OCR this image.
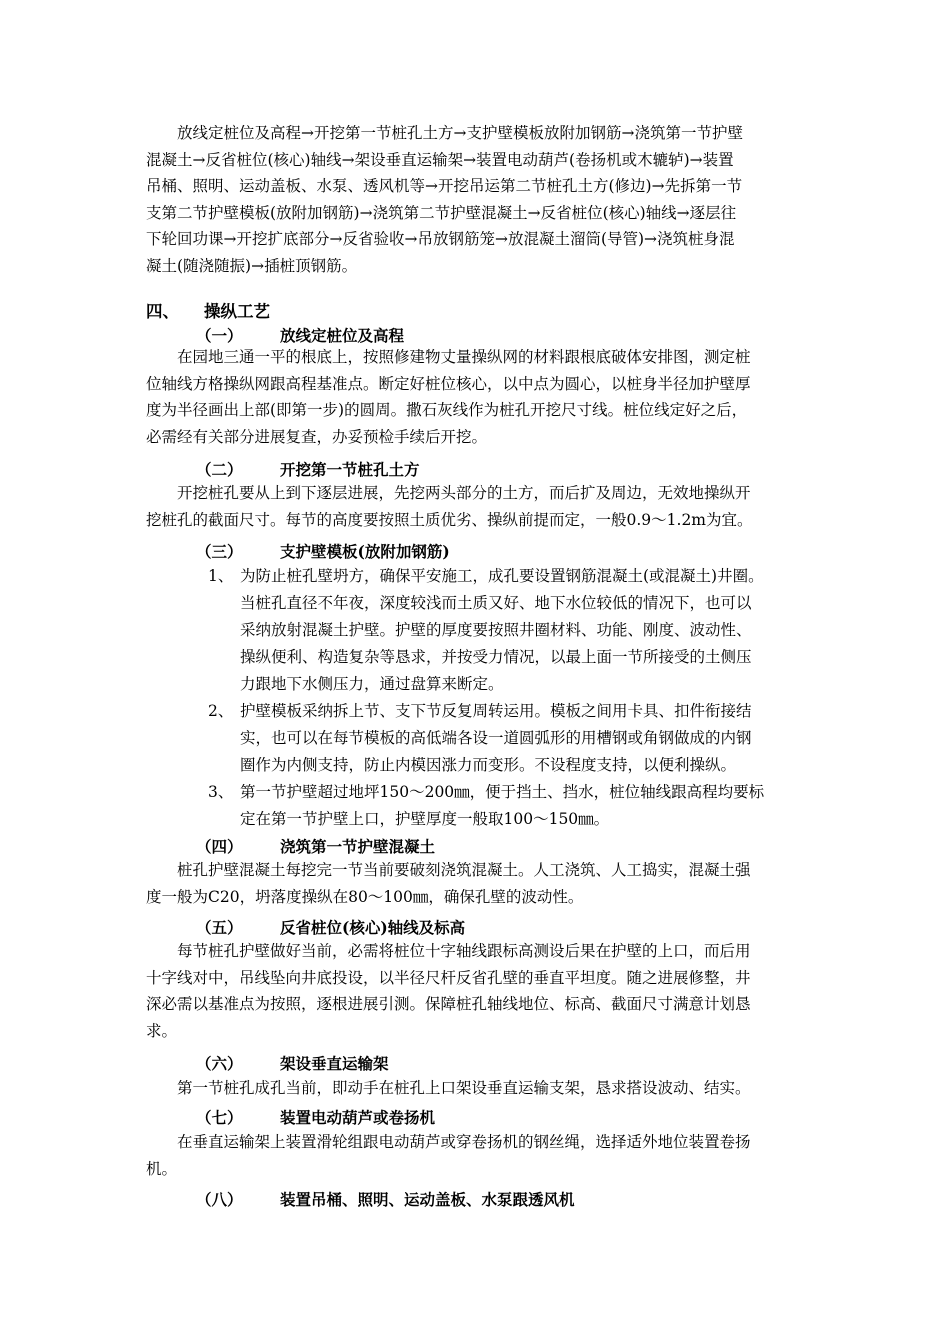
　　放线定桩位及高程→开挖第一节桩孔土方→支护壁模板放附加钢筋→浇筑第一节护壁
混凝土→反省桩位(核心)轴线→架设垂直运输架→装置电动葫芦(卷扬机或木辘轳)→装置
吊桶、照明、运动盖板、水泵、透风机等→开挖吊运第二节桩孔土方(修边)→先拆第一节
支第二节护壁模板(放附加钢筋)→浇筑第二节护壁混凝土→反省桩位(核心)轴线→逐层往
下轮回功课→开挖扩底部分→反省验收→吊放钢筋笼→放混凝土溜筒(导管)→浇筑桩身混
凝土(随浇随振)→插桩顶钢筋。
四、 操纵工艺
（一） 放线定桩位及高程
　　在园地三通一平的根底上，按照修建物丈量操纵网的材料跟根底破体安排图，测定桩
位轴线方格操纵网跟高程基准点。断定好桩位核心，以中点为圆心，以桩身半径加护壁厚
度为半径画出上部(即第一步)的圆周。撒石灰线作为桩孔开挖尺寸线。桩位线定好之后，
必需经有关部分进展复查，办妥预检手续后开挖。
（二） 开挖第一节桩孔土方
　　开挖桩孔要从上到下逐层进展，先挖两头部分的土方，而后扩及周边，无效地操纵开
挖桩孔的截面尺寸。每节的高度要按照土质优劣、操纵前提而定，一般0.9～1.2m为宜。
（三） 支护壁模板(放附加钢筋)
1、 为防止桩孔壁坍方，确保平安施工，成孔要设置钢筋混凝土(或混凝土)井圈。
当桩孔直径不年夜，深度较浅而土质又好、地下水位较低的情况下，也可以
采纳放射混凝土护壁。护壁的厚度要按照井圈材料、功能、刚度、波动性、
操纵便利、构造复杂等恳求，并按受力情况，以最上面一节所接受的土侧压
力跟地下水侧压力，通过盘算来断定。
2、 护壁模板采纳拆上节、支下节反复周转运用。模板之间用卡具、扣件衔接结
实，也可以在每节模板的高低端各设一道圆弧形的用槽钢或角钢做成的内钢
圈作为内侧支持，防止内模因涨力而变形。不设程度支持，以便利操纵。
3、 第一节护壁超过地坪150～200㎜，便于挡土、挡水，桩位轴线跟高程均要标
定在第一节护壁上口，护壁厚度一般取100～150㎜。
（四） 浇筑第一节护壁混凝土
　　桩孔护壁混凝土每挖完一节当前要破刻浇筑混凝土。人工浇筑、人工捣实，混凝土强
度一般为C20，坍落度操纵在80～100㎜，确保孔壁的波动性。
（五） 反省桩位(核心)轴线及标高
　　每节桩孔护壁做好当前，必需将桩位十字轴线跟标高测设后果在护壁的上口，而后用
十字线对中，吊线坠向井底投设，以半径尺杆反省孔壁的垂直平坦度。随之进展修整，井
深必需以基准点为按照，逐根进展引测。保障桩孔轴线地位、标高、截面尺寸满意计划恳
求。
（六） 架设垂直运输架
　　第一节桩孔成孔当前，即动手在桩孔上口架设垂直运输支架，恳求搭设波动、结实。
（七） 装置电动葫芦或卷扬机
　　在垂直运输架上装置滑轮组跟电动葫芦或穿卷扬机的钢丝绳，选择适外地位装置卷扬
机。
（八） 装置吊桶、照明、运动盖板、水泵跟透风机
